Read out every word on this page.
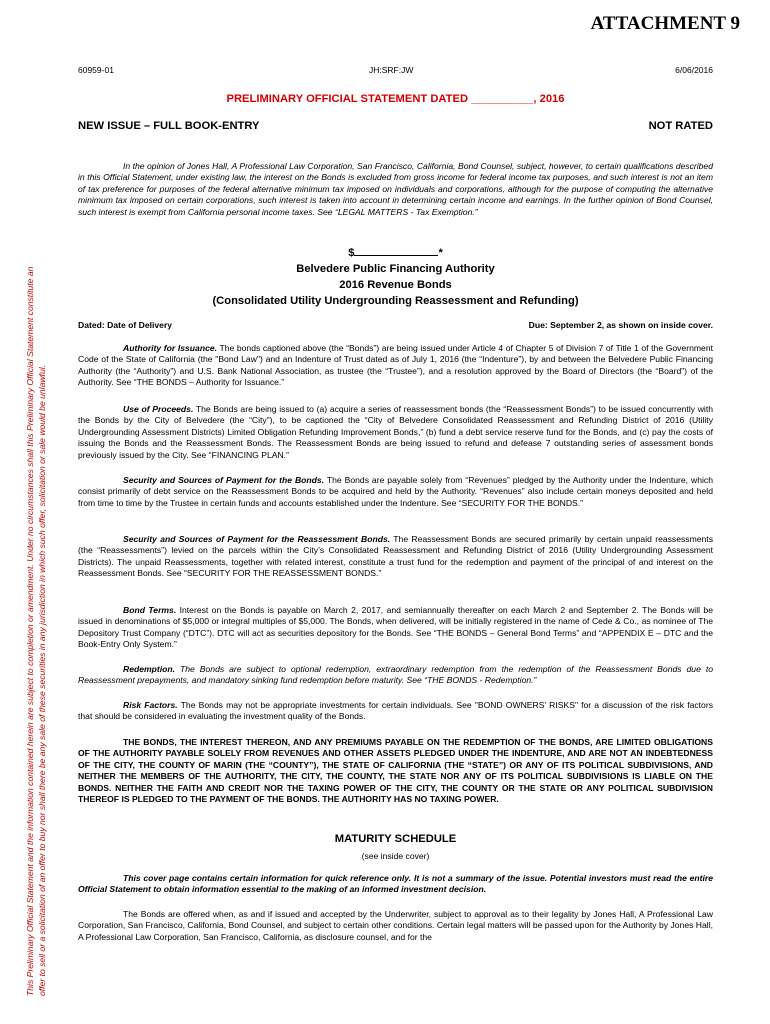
ATTACHMENT 9
This Preliminary Official Statement and the information contained herein are subject to completion or amendment. Under no circumstances shall this Preliminary Official Statement constitute an offer to sell or a solicitation of an offer to buy nor shall there be any sale of these securities in any jurisdiction in which such offer, solicitation or sale would be unlawful.
60959-01	JH:SRF:JW	6/06/2016
PRELIMINARY OFFICIAL STATEMENT DATED __________, 2016
NEW ISSUE – FULL BOOK-ENTRY	NOT RATED
In the opinion of Jones Hall, A Professional Law Corporation, San Francisco, California, Bond Counsel, subject, however, to certain qualifications described in this Official Statement, under existing law, the interest on the Bonds is excluded from gross income for federal income tax purposes, and such interest is not an item of tax preference for purposes of the federal alternative minimum tax imposed on individuals and corporations, although for the purpose of computing the alternative minimum tax imposed on certain corporations, such interest is taken into account in determining certain income and earnings. In the further opinion of Bond Counsel, such interest is exempt from California personal income taxes. See “LEGAL MATTERS - Tax Exemption.”
$	*
Belvedere Public Financing Authority
2016 Revenue Bonds
(Consolidated Utility Undergrounding Reassessment and Refunding)
Dated: Date of Delivery	Due: September 2, as shown on inside cover.
Authority for Issuance. The bonds captioned above (the “Bonds”) are being issued under Article 4 of Chapter 5 of Division 7 of Title 1 of the Government Code of the State of California (the "Bond Law") and an Indenture of Trust dated as of July 1, 2016 (the “Indenture”), by and between the Belvedere Public Financing Authority (the “Authority”) and U.S. Bank National Association, as trustee (the “Trustee”), and a resolution approved by the Board of Directors (the “Board”) of the Authority. See “THE BONDS – Authority for Issuance.”
Use of Proceeds. The Bonds are being issued to (a) acquire a series of reassessment bonds (the “Reassessment Bonds”) to be issued concurrently with the Bonds by the City of Belvedere (the “City”), to be captioned the “City of Belvedere Consolidated Reassessment and Refunding District of 2016 (Utility Undergrounding Assessment Districts) Limited Obligation Refunding Improvement Bonds,” (b) fund a debt service reserve fund for the Bonds, and (c) pay the costs of issuing the Bonds and the Reassessment Bonds. The Reassessment Bonds are being issued to refund and defease 7 outstanding series of assessment bonds previously issued by the City. See “FINANCING PLAN.”
Security and Sources of Payment for the Bonds. The Bonds are payable solely from “Revenues” pledged by the Authority under the Indenture, which consist primarily of debt service on the Reassessment Bonds to be acquired and held by the Authority. “Revenues” also include certain moneys deposited and held from time to time by the Trustee in certain funds and accounts established under the Indenture. See “SECURITY FOR THE BONDS.”
Security and Sources of Payment for the Reassessment Bonds. The Reassessment Bonds are secured primarily by certain unpaid reassessments (the “Reassessments”) levied on the parcels within the City’s Consolidated Reassessment and Refunding District of 2016 (Utility Undergrounding Assessment Districts). The unpaid Reassessments, together with related interest, constitute a trust fund for the redemption and payment of the principal of and interest on the Reassessment Bonds. See “SECURITY FOR THE REASSESSMENT BONDS.”
Bond Terms. Interest on the Bonds is payable on March 2, 2017, and semiannually thereafter on each March 2 and September 2. The Bonds will be issued in denominations of $5,000 or integral multiples of $5,000. The Bonds, when delivered, will be initially registered in the name of Cede & Co., as nominee of The Depository Trust Company (“DTC”). DTC will act as securities depository for the Bonds. See “THE BONDS – General Bond Terms” and “APPENDIX E – DTC and the Book-Entry Only System.”
Redemption. The Bonds are subject to optional redemption, extraordinary redemption from the redemption of the Reassessment Bonds due to Reassessment prepayments, and mandatory sinking fund redemption before maturity. See “THE BONDS - Redemption.”
Risk Factors. The Bonds may not be appropriate investments for certain individuals. See "BOND OWNERS’ RISKS" for a discussion of the risk factors that should be considered in evaluating the investment quality of the Bonds.
THE BONDS, THE INTEREST THEREON, AND ANY PREMIUMS PAYABLE ON THE REDEMPTION OF THE BONDS, ARE LIMITED OBLIGATIONS OF THE AUTHORITY PAYABLE SOLELY FROM REVENUES AND OTHER ASSETS PLEDGED UNDER THE INDENTURE, AND ARE NOT AN INDEBTEDNESS OF THE CITY, THE COUNTY OF MARIN (THE “COUNTY”), THE STATE OF CALIFORNIA (THE “STATE”) OR ANY OF ITS POLITICAL SUBDIVISIONS, AND NEITHER THE MEMBERS OF THE AUTHORITY, THE CITY, THE COUNTY, THE STATE NOR ANY OF ITS POLITICAL SUBDIVISIONS IS LIABLE ON THE BONDS. NEITHER THE FAITH AND CREDIT NOR THE TAXING POWER OF THE CITY, THE COUNTY OR THE STATE OR ANY POLITICAL SUBDIVISION THEREOF IS PLEDGED TO THE PAYMENT OF THE BONDS. THE AUTHORITY HAS NO TAXING POWER.
MATURITY SCHEDULE
(see inside cover)
This cover page contains certain information for quick reference only. It is not a summary of the issue. Potential investors must read the entire Official Statement to obtain information essential to the making of an informed investment decision.
The Bonds are offered when, as and if issued and accepted by the Underwriter, subject to approval as to their legality by Jones Hall, A Professional Law Corporation, San Francisco, California, Bond Counsel, and subject to certain other conditions. Certain legal matters will be passed upon for the Authority by Jones Hall, A Professional Law Corporation, San Francisco, California, as disclosure counsel, and for the
